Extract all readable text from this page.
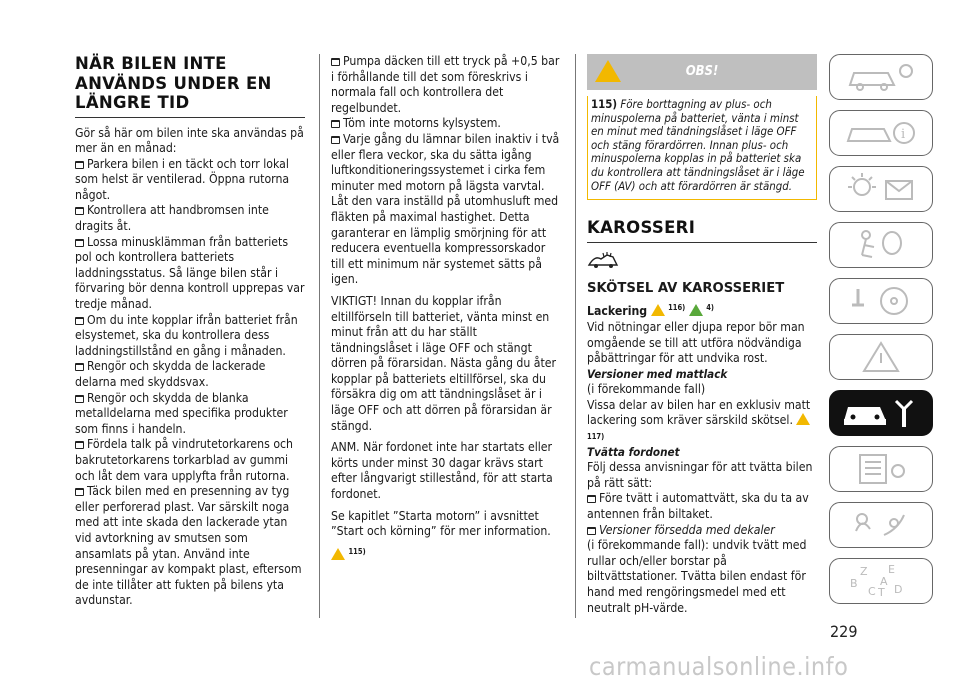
NÄR BILEN INTE
ANVÄNDS UNDER EN
LÄNGRE TID

Gör så här om bilen inte ska användas på mer än en månad:

Parkera bilen i en täckt och torr lokal som helst är ventilerad. Öppna rutorna något.

Kontrollera att handbromsen inte dragits åt.

Lossa minusklämman från batteriets pol och kontrollera batteriets laddningsstatus. Så länge bilen står i förvaring bör denna kontroll upprepas var tredje månad.

Om du inte kopplar ifrån batteriet från elsystemet, ska du kontrollera dess laddningstillstånd en gång i månaden.

Rengör och skydda de lackerade delarna med skyddsvax.

Rengör och skydda de blanka metalldelarna med specifika produkter som finns i handeln.

Fördela talk på vindrutetorkarens och bakrutetorkarens torkarblad av gummi och låt dem vara upplyfta från rutorna.

Täck bilen med en presenning av tyg eller perforerad plast. Var särskilt noga med att inte skada den lackerade ytan vid avtorkning av smutsen som ansamlats på ytan. Använd inte presenningar av kompakt plast, eftersom de inte tillåter att fukten på bilens yta avdunstar.

Pumpa däcken till ett tryck på +0,5 bar i förhållande till det som föreskrivs i normala fall och kontrollera det regelbundet.

Töm inte motorns kylsystem.

Varje gång du lämnar bilen inaktiv i två eller flera veckor, ska du sätta igång luftkonditioneringssystemet i cirka fem minuter med motorn på lägsta varvtal. Låt den vara inställd på utomhusluft med fläkten på maximal hastighet. Detta garanterar en lämplig smörjning för att reducera eventuella kompressorskador till ett minimum när systemet sätts på igen.

VIKTIGT! Innan du kopplar ifrån eltillförseln till batteriet, vänta minst en minut från att du har ställt tändningslåset i läge OFF och stängt dörren på förarsidan. Nästa gång du åter kopplar på batteriets eltillförsel, ska du försäkra dig om att tändningslåset är i läge OFF och att dörren på förarsidan är stängd.

ANM. När fordonet inte har startats eller körts under minst 30 dagar krävs start efter långvarigt stillestånd, för att starta fordonet.

Se kapitlet ”Starta motorn” i avsnittet ”Start och körning” för mer information.

$^{115)}$

OBS!
115) Före borttagning av plus- och minuspolerna på batteriet, vänta i minst en minut med tändningslåset i läge OFF och stäng förardörren. Innan plus- och minuspolerna kopplas in på batteriet ska du kontrollera att tändningslåset är i läge OFF (AV) och att förardörren är stängd.
KAROSSERI
SKÖTSEL AV KAROSSERIET

Lackering	$^{116)}$	$^{4)}$

Vid nötningar eller djupa repor bör man omgående se till att utföra nödvändiga påbättringar för att undvika rost.

Versioner med mattlack

(i förekommande fall)

Vissa delar av bilen har en exklusiv matt lackering som kräver särskild skötsel.

117)

Tvätta fordonet

Följ dessa anvisningar för att tvätta bilen på rätt sätt:

Före tvätt i automattvätt, ska du ta av antennen från biltaket.

Versioner försedda med dekaler
(i förekommande fall): undvik tvätt med rullar och/eller borstar på biltvättstationer. Tvätta bilen endast för hand med rengöringsmedel med ett neutralt pH-värde.

i
Z E
B A
C T D
229
carmanualsonline.info
